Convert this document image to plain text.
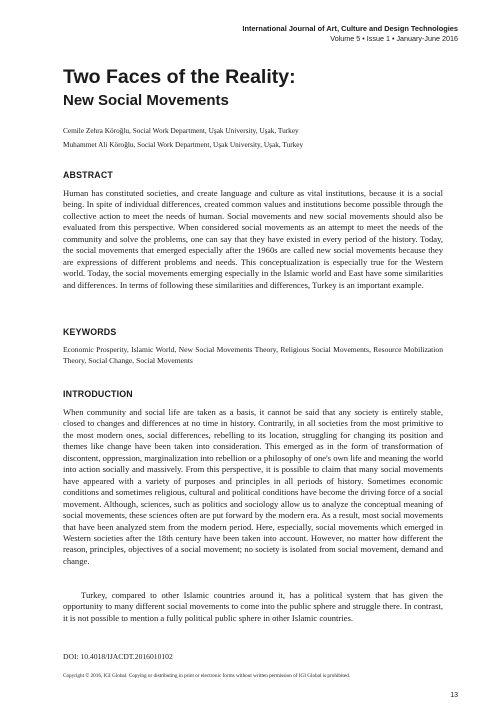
International Journal of Art, Culture and Design Technologies
Volume 5 • Issue 1 • January-June 2016
Two Faces of the Reality:
New Social Movements
Cemile Zehra Köroğlu, Social Work Department, Uşak University, Uşak, Turkey
Muhammet Ali Köroğlu, Social Work Department, Uşak University, Uşak, Turkey
ABSTRACT

Human has constituted societies, and create language and culture as vital institutions, because it is a social being. In spite of individual differences, created common values and institutions become possible through the collective action to meet the needs of human. Social movements and new social movements should also be evaluated from this perspective. When considered social movements as an attempt to meet the needs of the community and solve the problems, one can say that they have existed in every period of the history. Today, the social movements that emerged especially after the 1960s are called new social movements because they are expressions of different problems and needs. This conceptualization is especially true for the Western world. Today, the social movements emerging especially in the Islamic world and East have some similarities and differences. In terms of following these similarities and differences, Turkey is an important example.

KEYWORDS

Economic Prosperity, Islamic World, New Social Movements Theory, Religious Social Movements, Resource Mobilization Theory, Social Change, Social Movements

INTRODUCTION

When community and social life are taken as a basis, it cannot be said that any society is entirely stable, closed to changes and differences at no time in history. Contrarily, in all societies from the most primitive to the most modern ones, social differences, rebelling to its location, struggling for changing its position and themes like change have been taken into consideration. This emerged as in the form of transformation of discontent, oppression, marginalization into rebellion or a philosophy of one's own life and meaning the world into action socially and massively. From this perspective, it is possible to claim that many social movements have appeared with a variety of purposes and principles in all periods of history. Sometimes economic conditions and sometimes religious, cultural and political conditions have become the driving force of a social movement. Although, sciences, such as politics and sociology allow us to analyze the conceptual meaning of social movements, these sciences often are put forward by the modern era. As a result, most social movements that have been analyzed stem from the modern period. Here, especially, social movements which emerged in Western societies after the 18th century have been taken into account. However, no matter how different the reason, principles, objectives of a social movement; no society is isolated from social movement, demand and change.

Turkey, compared to other Islamic countries around it, has a political system that has given the opportunity to many different social movements to come into the public sphere and struggle there. In contrast, it is not possible to mention a fully political public sphere in other Islamic countries.

DOI: 10.4018/IJACDT.2016010102
Copyright © 2016, IGI Global. Copying or distributing in print or electronic forms without written permission of IGI Global is prohibited.
13
